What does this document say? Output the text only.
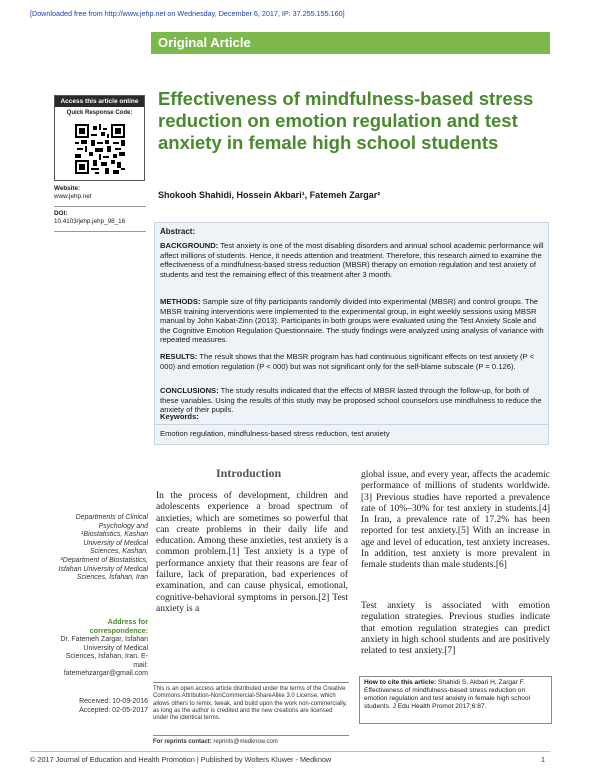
[Downloaded free from http://www.jehp.net on Wednesday, December 6, 2017, IP: 37.255.155.160]
Original Article
Access this article online
Quick Response Code:
Website:
www.jehp.net
DOI:
10.4103/jehp.jehp_98_16
Effectiveness of mindfulness-based stress reduction on emotion regulation and test anxiety in female high school students
Shokooh Shahidi, Hossein Akbari¹, Fatemeh Zargar²
Abstract:
BACKGROUND: Test anxiety is one of the most disabling disorders and annual school academic performance will affect millions of students. Hence, it needs attention and treatment. Therefore, this research aimed to examine the effectiveness of a mindfulness-based stress reduction (MBSR) therapy on emotion regulation and test anxiety of students and test the remaining effect of this treatment after 3 month.
METHODS: Sample size of fifty participants randomly divided into experimental (MBSR) and control groups. The MBSR training interventions were implemented to the experimental group, in eight weekly sessions using MBSR manual by John Kabat-Zinn (2013). Participants in both groups were evaluated using the Test Anxiety Scale and the Cognitive Emotion Regulation Questionnaire. The study findings were analyzed using analysis of variance with repeated measures.
RESULTS: The result shows that the MBSR program has had continuous significant effects on test anxiety (P < 000) and emotion regulation (P < 000) but was not significant only for the self-blame subscale (P = 0.126).
CONCLUSIONS: The study results indicated that the effects of MBSR lasted through the follow-up, for both of these variables. Using the results of this study may be proposed school counselors use mindfulness to reduce the anxiety of their pupils.
Keywords:
Emotion regulation, mindfulness-based stress reduction, test anxiety
Introduction
In the process of development, children and adolescents experience a broad spectrum of anxieties, which are sometimes so powerful that can create problems in their daily life and education. Among these anxieties, test anxiety is a common problem.[1] Test anxiety is a type of performance anxiety that their reasons are fear of failure, lack of preparation, bad experiences of examination, and can cause physical, emotional, cognitive-behavioral symptoms in person.[2] Test anxiety is a
global issue, and every year, affects the academic performance of millions of students worldwide.[3] Previous studies have reported a prevalence rate of 10%–30% for test anxiety in students.[4] In Iran, a prevalence rate of 17.2% has been reported for test anxiety.[5] With an increase in age and level of education, test anxiety increases. In addition, test anxiety is more prevalent in female students than male students.[6]
Test anxiety is associated with emotion regulation strategies. Previous studies indicate that emotion regulation strategies can predict anxiety in high school students and are positively related to test anxiety.[7]
Departments of Clinical Psychology and ¹Biostatistics, Kashan University of Medical Sciences, Kashan, ²Department of Biostatistics, Isfahan University of Medical Sciences, Isfahan, Iran
Address for correspondence:
Dr. Fatemeh Zargar, Isfahan University of Medical Sciences, Isfahan, Iran. E-mail: fatemehzargar@gmail.com
Received: 10-09-2016
Accepted: 02-05-2017
This is an open access article distributed under the terms of the Creative Commons Attribution-NonCommercial-ShareAlike 3.0 License, which allows others to remix, tweak, and build upon the work non-commercially, as long as the author is credited and the new creations are licensed under the identical terms.
For reprints contact: reprints@medknow.com
How to cite this article: Shahidi S, Akbari H, Zargar F. Effectiveness of mindfulness-based stress reduction on emotion regulation and test anxiety in female high school students. J Edu Health Promot 2017;6:87.
© 2017 Journal of Education and Health Promotion | Published by Wolters Kluwer - Medknow	1
